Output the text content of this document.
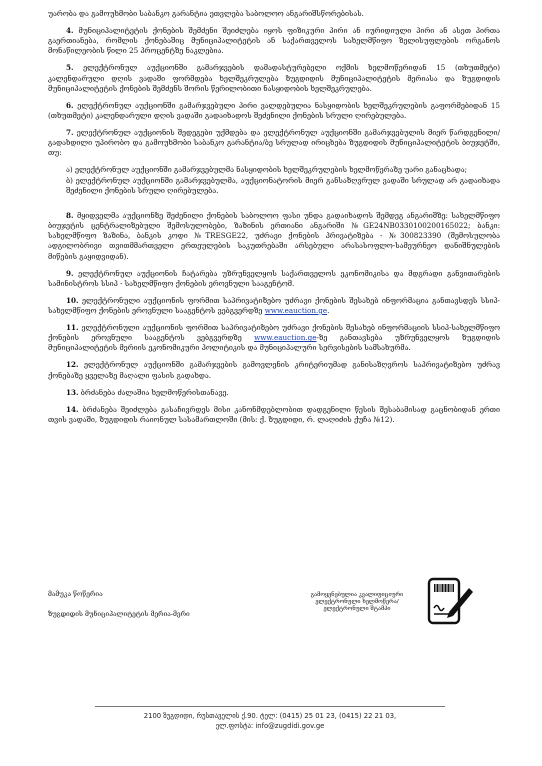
უარობა და გამოუხმობი საბანკო გარანტია ეთვლება საბოლოო ანგარიშსწორებისას.

4. მუნიციპალიტეტის ქონების შემძენი შეიძლება იყოს ფიზიკური პირი ან იურიდიული პირი ან ასეთ პირთა გაერთიანება, რომლის ქონებაშიც მუნიციპალიტეტის ან საქართველოს სახელმწიფო ზელისუფლების ორგანოს მონაწილეობის წილი 25 პროცენტზე ნაკლებია.

5. ელექტრონულ აუქციონში გამარჯვების დამადასტურებელი ოქმის ხელმოწერიდან 15 (თხუთმეტი) კალენდარული დღის ვადაში ფორმდება ხელშეკრულება ზუგდიდის მუნიციპალიტეტის მერიასა და ზუგდიდის მუნიციპალიტეტის ქონების შემძენს შორის წერილობითი ნასყიდობის ხელშეკრულება.

6. ელექტრონულ აუქციონში გამარჯვებული პირი ვალდებულია ნასყიდობის ხელშეკრულების გაფორმებიდან 15 (თხუთმეტი) კალენდარული დღის ვადაში გადაიხადოს შეძენილი ქონების სრული ღირებულება.

7. ელექტრონულ აუქციონის შედეგები უქმდება და ელექტრონულ აუქციონში გამარჯვებულის მიერ წარდგენილი/გადახდილი უპირობო და გამოუხმობი საბანკო გარანტია/ბე სრულად ირიცხება ზუგდიდის მუნიციპალიტეტის ბიუჯეტში, თუ:

ა) ელექტრონულ აუქციონში გამარჯვებულმა ნასყიდობის ხელშეკრულების ხელმოწერაზე უარი განაცხადა;

ბ) ელექტრონულ აუქციონში გამარჯვებულმა, აუქციონატორის მიერ განსაზღვრულ ვადაში სრულად არ გადაიხადა შეძენილი ქონების სრული ღირებულება.

8. მყიდველმა აუქციონზე შეძენილი ქონების საბოლოო ფასი უნდა გადაიხადოს შემდეგ ანგარიშზე: სახელმწიფო ბიუჯეტის ცენტრალიზებული შემოსულობები, ზაზინის ერთიანი ანგარიში №GE24NB0330100200165022; ბანკი: სახელმწიფო ზაზინა, ბანკის კოდი №TRESGE22, უძრავი ქონების პრივატიზება - №300823390 (შემოსულობა ადგილობრივი თვითმმართველი ერთეულების საკუთრებაში არსებული არასასოფლო-სამეურნეო დანიშნულების მიწების გაყიდვიდან).

9. ელექტრონულ აუქციონის ჩატარება უზრუნველყოს საქართველოს ეკონომიკისა და მდგრადი განვითარების სამინისტროს სსიპ - სახელმწიფო ქონების ეროვნული სააგენტომ.

10. ელექტრონული აუქციონის ფორმით საპრივატიზებო უძრავი ქონების შესახებ ინფორმაცია განთავსდეს სსიპ-სახელმწიფო ქონების ეროვნული სააგენტოს ვებგვერდზე www.eauction.ge.

11. ელექტრონული აუქციონის ფორმით საპრივატიზებო უძრავი ქონების შესახებ ინფორმაციის სსიპ-სახელმწიფო ქონების ეროვნული სააგენტოს ვებგვერდზე www.eauction.ge-ზე განთავსება უზრუნველყოს ზუგდიდის მუნიციპალიტეტის მერიის ეკონომიკური პოლიტიკის და მუნიციპალური სერვისების სამსახურმა.

12. ელექტრონულ აუქციონში გამარჯვების გამოვლენის კრიტერიუმად განისაზღვროს საპრივატიზებო უძრავ ქონებაზე ყველაზე მაღალი ფასის გადახდა.

13. ბრძანება ძალაშია ხელმოწერისთანავე.

14. ბრძანება შეიძლება გასაჩივრდეს მისი კანონმდებლობით დადგენილი წესის შესაბამისად გაცნობიდან ერთი თვის ვადაში, ზუგდიდის რაიონულ სასამართლოში (მის: ქ. ზუგდიდი, რ. ლაღიძის ქუჩა №12).

მამუკა წოწერია
ზუგდიდის მუნიციპალიტეტის მერია-მერი
გამოყენებულია კვალიფიციური ელექტრონული ხელმოწერა/ ელექტრონული შტამპი
2100 ზუგდიდი, რუსთაველის ქ.90. ტელ: (0415) 25 01 23, (0415) 22 21 03,
ელ.ფოსტა: info@zugdidi.gov.ge
